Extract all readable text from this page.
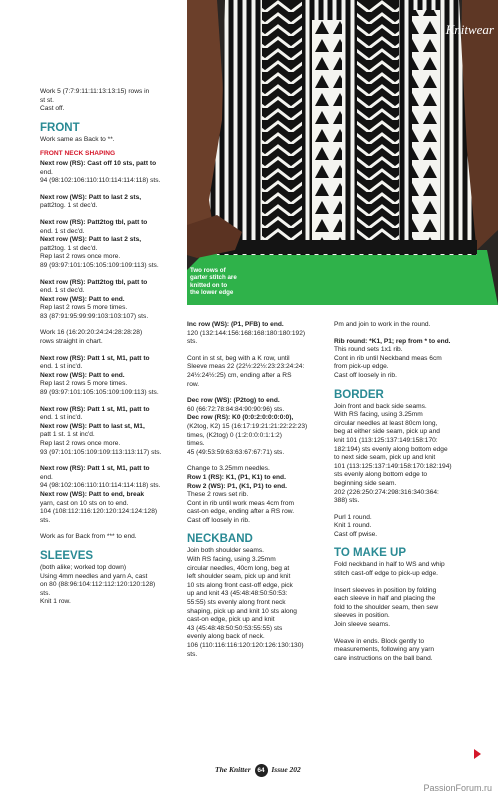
Knitwear
Two rows of
garter stitch are
knitted on to
the lower edge
Work 5 (7:7:9:11:11:13:13:15) rows in
st st.
Cast off.
FRONT
Work same as Back to **.
FRONT NECK SHAPING
Next row (RS): Cast off 10 sts, patt to
end.
94 (98:102:106:110:110:114:114:118) sts.
Next row (WS): Patt to last 2 sts,
patt2tog. 1 st dec'd.
Next row (RS): Patt2tog tbl, patt to
end. 1 st dec'd.
Next row (WS): Patt to last 2 sts,
patt2tog. 1 st dec'd.
Rep last 2 rows once more.
89 (93:97:101:105:105:109:109:113) sts.
Next row (RS): Patt2tog tbl, patt to
end. 1 st dec'd.
Next row (WS): Patt to end.
Rep last 2 rows 5 more times.
83 (87:91:95:99:99:103:103:107) sts.
Work 16 (16:20:20:24:24:28:28:28)
rows straight in chart.
Next row (RS): Patt 1 st, M1, patt to
end. 1 st inc'd.
Next row (WS): Patt to end.
Rep last 2 rows 5 more times.
89 (93:97:101:105:105:109:109:113) sts.
Next row (RS): Patt 1 st, M1, patt to
end. 1 st inc'd.
Next row (WS): Patt to last st, M1,
patt 1 st. 1 st inc'd.
Rep last 2 rows once more.
93 (97:101:105:109:109:113:113:117) sts.
Next row (RS): Patt 1 st, M1, patt to
end.
94 (98:102:106:110:110:114:114:118) sts.
Next row (WS): Patt to end, break
yarn, cast on 10 sts on to end.
104 (108:112:116:120:120:124:124:128)
sts.
Work as for Back from *** to end.
SLEEVES
(both alike; worked top down)
Using 4mm needles and yarn A, cast
on 80 (88:96:104:112:112:120:120:128)
sts.
Knit 1 row.
Inc row (WS): (P1, PFB) to end.
120 (132:144:156:168:168:180:180:192)
sts.
Cont in st st, beg with a K row, until
Sleeve meas 22 (22½:22½:23:23:24:24:
24½:24½:25) cm, ending after a RS
row.
Dec row (WS): (P2tog) to end.
60 (66:72:78:84:84:90:90:96) sts.
Dec row (RS): K0 (0:0:2:0:0:0:0:0),
(K2tog, K2) 15 (16:17:19:21:21:22:22:23)
times, (K2tog) 0 (1:2:0:0:0:1:1:2)
times.
45 (49:53:59:63:63:67:67:71) sts.
Change to 3.25mm needles.
Row 1 (RS): K1, (P1, K1) to end.
Row 2 (WS): P1, (K1, P1) to end.
These 2 rows set rib.
Cont in rib until work meas 4cm from
cast-on edge, ending after a RS row.
Cast off loosely in rib.
NECKBAND
Join both shoulder seams.
With RS facing, using 3.25mm
circular needles, 40cm long, beg at
left shoulder seam, pick up and knit
10 sts along front cast-off edge, pick
up and knit 43 (45:48:48:50:50:53:
55:55) sts evenly along front neck
shaping, pick up and knit 10 sts along
cast-on edge, pick up and knit
43 (45:48:48:50:50:53:55:55) sts
evenly along back of neck.
106 (110:116:116:120:120:126:130:130)
sts.
Pm and join to work in the round.
Rib round: *K1, P1; rep from * to end.
This round sets 1x1 rib.
Cont in rib until Neckband meas 6cm
from pick-up edge.
Cast off loosely in rib.
BORDER
Join front and back side seams.
With RS facing, using 3.25mm
circular needles at least 80cm long,
beg at either side seam, pick up and
knit 101 (113:125:137:149:158:170:
182:194) sts evenly along bottom edge
to next side seam, pick up and knit
101 (113:125:137:149:158:170:182:194)
sts evenly along bottom edge to
beginning side seam.
202 (226:250:274:298:316:340:364:
388) sts.
Purl 1 round.
Knit 1 round.
Cast off pwise.
TO MAKE UP
Fold neckband in half to WS and whip
stitch cast-off edge to pick-up edge.
Insert sleeves in position by folding
each sleeve in half and placing the
fold to the shoulder seam, then sew
sleeves in position.
Join sleeve seams.
Weave in ends. Block gently to
measurements, following any yarn
care instructions on the ball band.
The Knitter 64 Issue 202
PassionForum.ru
